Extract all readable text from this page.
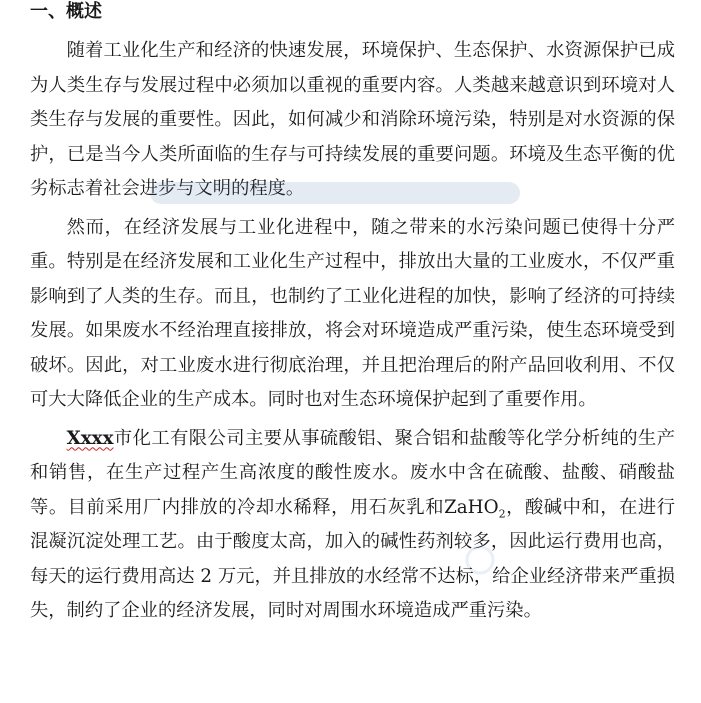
一、概述

随着工业化生产和经济的快速发展，环境保护、生态保护、水资源保护已成为人类生存与发展过程中必须加以重视的重要内容。人类越来越意识到环境对人类生存与发展的重要性。因此，如何减少和消除环境污染，特别是对水资源的保护，已是当今人类所面临的生存与可持续发展的重要问题。环境及生态平衡的优劣标志着社会进步与文明的程度。

然而，在经济发展与工业化进程中，随之带来的水污染问题已使得十分严重。特别是在经济发展和工业化生产过程中，排放出大量的工业废水，不仅严重影响到了人类的生存。而且，也制约了工业化进程的加快，影响了经济的可持续发展。如果废水不经治理直接排放，将会对环境造成严重污染，使生态环境受到破坏。因此，对工业废水进行彻底治理，并且把治理后的附产品回收利用、不仅可大大降低企业的生产成本。同时也对生态环境保护起到了重要作用。

Xxxx市化工有限公司主要从事硫酸铝、聚合铝和盐酸等化学分析纯的生产和销售，在生产过程产生高浓度的酸性废水。废水中含在硫酸、盐酸、硝酸盐等。目前采用厂内排放的冷却水稀释，用石灰乳和ZaHO$_2$，酸碱中和，在进行混凝沉淀处理工艺。由于酸度太高，加入的碱性药剂较多，因此运行费用也高，每天的运行费用高达 2 万元，并且排放的水经常不达标，给企业经济带来严重损失，制约了企业的经济发展，同时对周围水环境造成严重污染。
